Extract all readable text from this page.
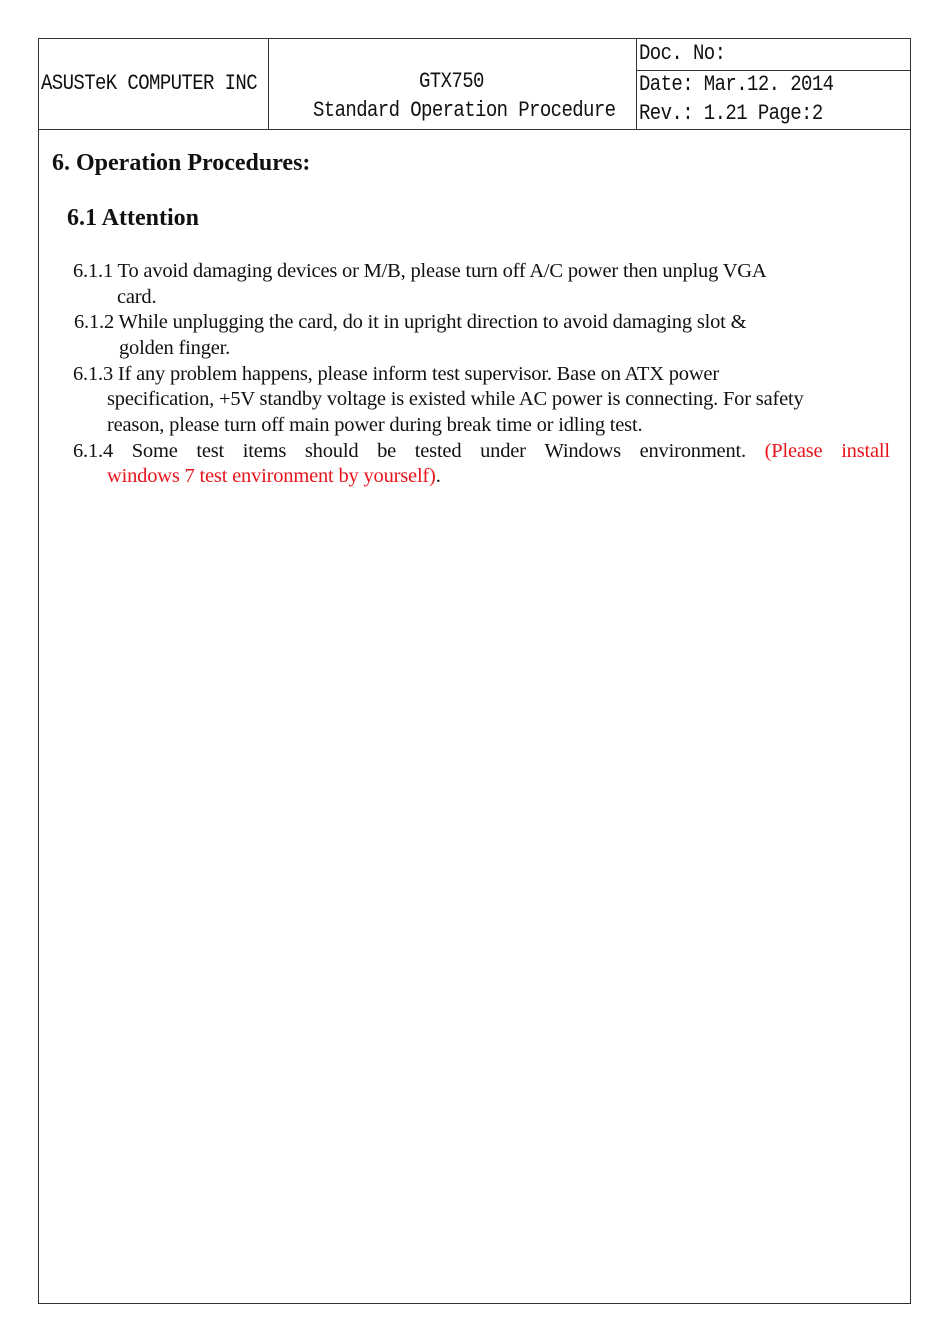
ASUSTeK COMPUTER INC	GTX750
Standard Operation Procedure
Doc. No:
Date: Mar.12. 2014
Rev.: 1.21 Page:2
6. Operation Procedures:
6.1 Attention
6.1.1 To avoid damaging devices or M/B, please turn off A/C power then unplug VGA
card.
6.1.2 While unplugging the card, do it in upright direction to avoid damaging slot &
golden finger.
6.1.3 If any problem happens, please inform test supervisor. Base on ATX power
specification, +5V standby voltage is existed while AC power is connecting. For safety
reason, please turn off main power during break time or idling test.
6.1.4 Some test items should be tested under Windows environment. (Please install
windows 7 test environment by yourself).
